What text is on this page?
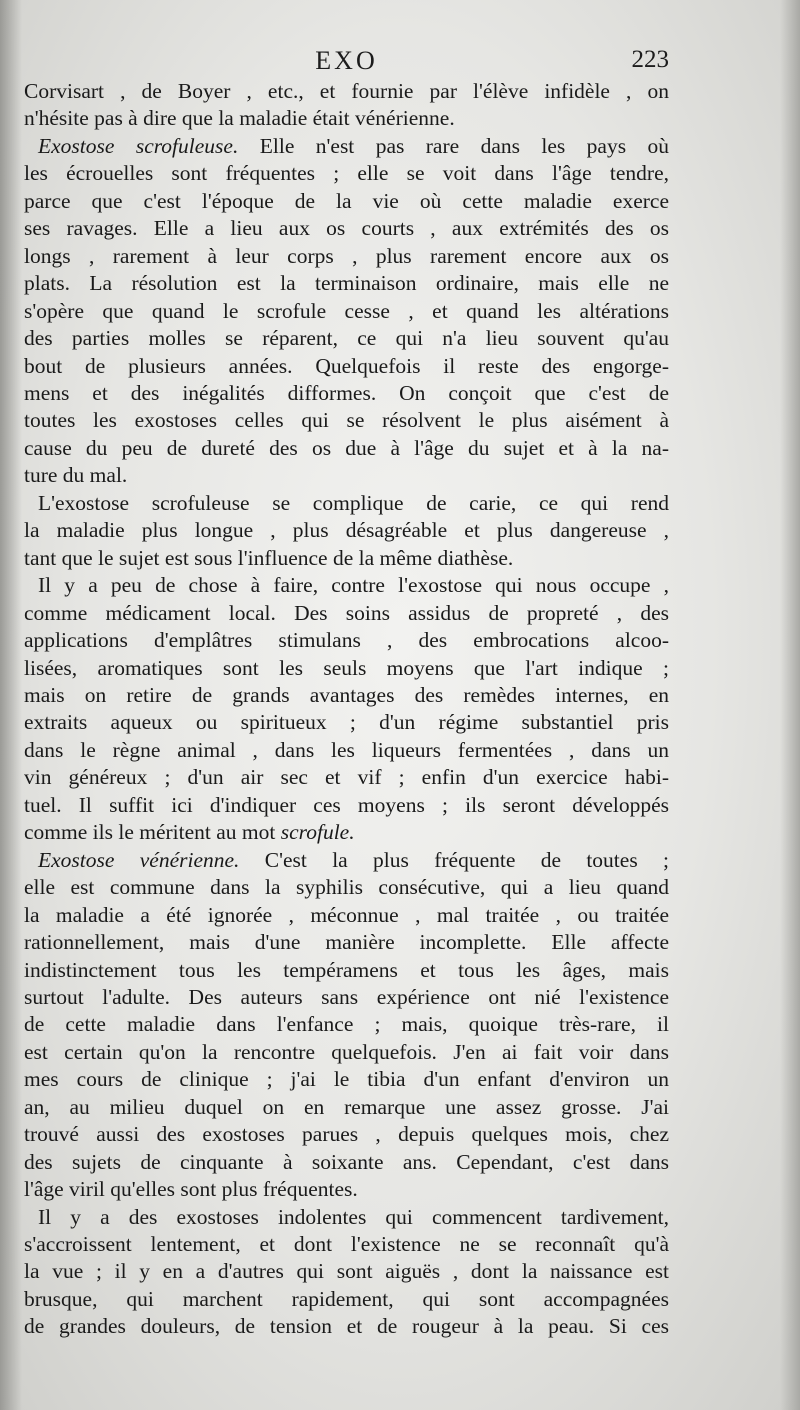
EXO	223

Corvisart , de Boyer , etc., et fournie par l'élève infidèle , on

n'hésite pas à dire que la maladie était vénérienne.

Exostose scrofuleuse. Elle n'est pas rare dans les pays où

les écrouelles sont fréquentes ; elle se voit dans l'âge tendre,

parce que c'est l'époque de la vie où cette maladie exerce

ses ravages. Elle a lieu aux os courts , aux extrémités des os

longs , rarement à leur corps , plus rarement encore aux os

plats. La résolution est la terminaison ordinaire, mais elle ne

s'opère que quand le scrofule cesse , et quand les altérations

des parties molles se réparent, ce qui n'a lieu souvent qu'au

bout de plusieurs années. Quelquefois il reste des engorge-

mens et des inégalités difformes. On conçoit que c'est de

toutes les exostoses celles qui se résolvent le plus aisément à

cause du peu de dureté des os due à l'âge du sujet et à la na-

ture du mal.

L'exostose scrofuleuse se complique de carie, ce qui rend

la maladie plus longue , plus désagréable et plus dangereuse ,

tant que le sujet est sous l'influence de la même diathèse.

Il y a peu de chose à faire, contre l'exostose qui nous occupe ,

comme médicament local. Des soins assidus de propreté , des

applications d'emplâtres stimulans , des embrocations alcoo-

lisées, aromatiques sont les seuls moyens que l'art indique ;

mais on retire de grands avantages des remèdes internes, en

extraits aqueux ou spiritueux ; d'un régime substantiel pris

dans le règne animal , dans les liqueurs fermentées , dans un

vin généreux ; d'un air sec et vif ; enfin d'un exercice habi-

tuel. Il suffit ici d'indiquer ces moyens ; ils seront développés

comme ils le méritent au mot scrofule.

Exostose vénérienne. C'est la plus fréquente de toutes ;

elle est commune dans la syphilis consécutive, qui a lieu quand

la maladie a été ignorée , méconnue , mal traitée , ou traitée

rationnellement, mais d'une manière incomplette. Elle affecte

indistinctement tous les tempéramens et tous les âges, mais

surtout l'adulte. Des auteurs sans expérience ont nié l'existence

de cette maladie dans l'enfance ; mais, quoique très-rare, il

est certain qu'on la rencontre quelquefois. J'en ai fait voir dans

mes cours de clinique ; j'ai le tibia d'un enfant d'environ un

an, au milieu duquel on en remarque une assez grosse. J'ai

trouvé aussi des exostoses parues , depuis quelques mois, chez

des sujets de cinquante à soixante ans. Cependant, c'est dans

l'âge viril qu'elles sont plus fréquentes.

Il y a des exostoses indolentes qui commencent tardivement,

s'accroissent lentement, et dont l'existence ne se reconnaît qu'à

la vue ; il y en a d'autres qui sont aiguës , dont la naissance est

brusque, qui marchent rapidement, qui sont accompagnées

de grandes douleurs, de tension et de rougeur à la peau. Si ces
